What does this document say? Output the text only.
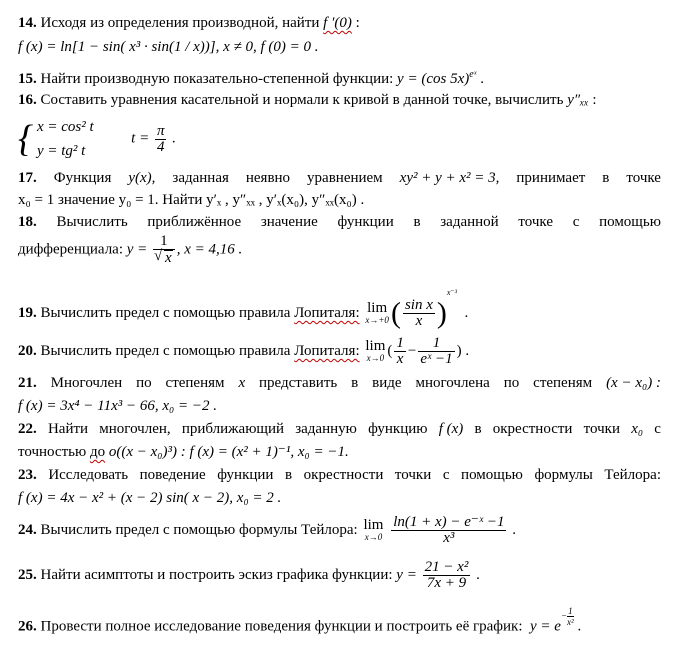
14. Исходя из определения производной, найти f ′(0) :
f (x) = ln[1 − sin( x³ · sin(1 / x))], x ≠ 0, f (0) = 0 .
15. Найти производную показательно-степенной функции: y = (cos 5x)$^{eˣ}$ .
16. Составить уравнения касательной и нормали к кривой в данной точке, вычислить y″ₓₓ :
{ x = cos² t
y = tg² t
$t = \frac{\pi}{4}$ .
17. Функция y(x), заданная неявно уравнением xy² + y + x² = 3, принимает в точке
x₀ = 1 значение y₀ = 1. Найти y′ₓ , y″ₓₓ , y′ₓ(x₀), y″ₓₓ(x₀) .
18. Вычислить приближённое значение функции в заданной точке с помощью
дифференциала: y = 1
√ x , x = 4,16 .
19. Вычислить предел с помощью правила Лопиталя: lim
x→+0 ( $\frac{\text{sin x}}{x} )^{x^{-3}}$  .
20. Вычислить предел с помощью правила Лопиталя: lim
x→0 ( $\frac{1}{x} - \frac{1}{\text{eˣ −1}}$ ) .
21. Многочлен по степеням x представить в виде многочлена по степеням (x − x₀) :
f (x) = 3x⁴ − 11x³ − 66, x₀ = −2 .
22. Найти многочлен, приближающий заданную функцию f (x) в окрестности точки x₀ с
точностью до o((x − x₀)³) : f (x) = (x² + 1)⁻¹, x₀ = −1.
23. Исследовать поведение функции в окрестности точки с помощью формулы Тейлора:
f (x) = 4x − x² + (x − 2) sin( x − 2), x₀ = 2 .
24. Вычислить предел с помощью формулы Тейлора: lim
x→0
$\frac{\text{ln(1 + x) − e⁻ˣ −1}}{\text{x³}}$ .
25. Найти асимптоты и построить эскиз графика функции: $y = \frac{\text{21 − x²}}{7x + 9}$ .
26. Провести полное исследование поведения функции и построить её график: $y = e- \frac{1}{\text{x²}}$ .
